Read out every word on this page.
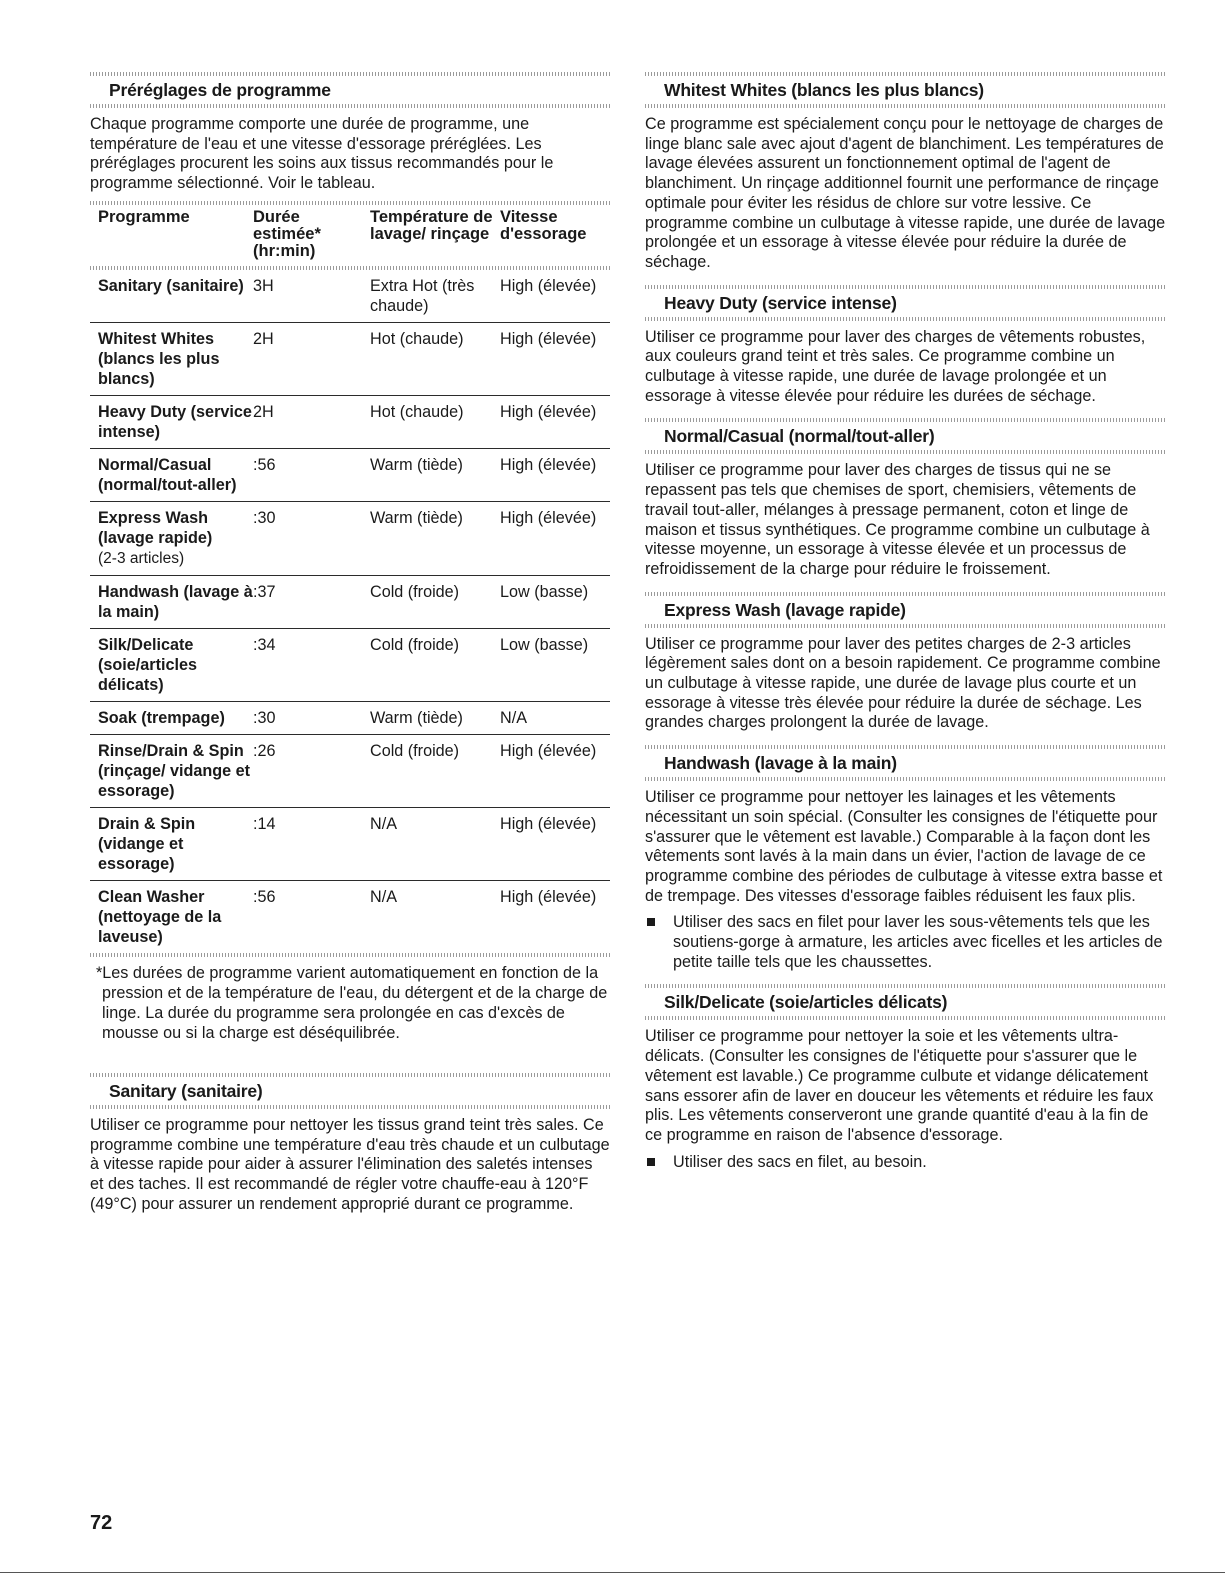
Préréglages de programme

Chaque programme comporte une durée de programme, une température de l'eau et une vitesse d'essorage préréglées. Les préréglages procurent les soins aux tissus recommandés pour le programme sélectionné. Voir le tableau.

Programme	Durée estimée* (hr:min)	Température de lavage/ rinçage	Vitesse d'essorage

Sanitary (sanitaire)	3H	Extra Hot (très chaude)	High (élevée)

Whitest Whites (blancs les plus blancs)	2H	Hot (chaude)	High (élevée)

Heavy Duty (service intense)	2H	Hot (chaude)	High (élevée)

Normal/Casual (normal/tout-aller)	:56	Warm (tiède)	High (élevée)

Express Wash (lavage rapide)
(2-3 articles)	:30	Warm (tiède)	High (élevée)

Handwash (lavage à la main)	:37	Cold (froide)	Low (basse)

Silk/Delicate (soie/articles délicats)	:34	Cold (froide)	Low (basse)

Soak (trempage)	:30	Warm (tiède)	N/A

Rinse/Drain & Spin (rinçage/ vidange et essorage)	:26	Cold (froide)	High (élevée)

Drain & Spin (vidange et essorage)	:14	N/A	High (élevée)

Clean Washer (nettoyage de la laveuse)	:56	N/A	High (élevée)

*Les durées de programme varient automatiquement en fonction de la pression et de la température de l'eau, du détergent et de la charge de linge. La durée du programme sera prolongée en cas d'excès de mousse ou si la charge est déséquilibrée.

Sanitary (sanitaire)

Utiliser ce programme pour nettoyer les tissus grand teint très sales. Ce programme combine une température d'eau très chaude et un culbutage à vitesse rapide pour aider à assurer l'élimination des saletés intenses et des taches. Il est recommandé de régler votre chauffe-eau à 120°F (49°C) pour assurer un rendement approprié durant ce programme.

Whitest Whites (blancs les plus blancs)

Ce programme est spécialement conçu pour le nettoyage de charges de linge blanc sale avec ajout d'agent de blanchiment. Les températures de lavage élevées assurent un fonctionnement optimal de l'agent de blanchiment. Un rinçage additionnel fournit une performance de rinçage optimale pour éviter les résidus de chlore sur votre lessive. Ce programme combine un culbutage à vitesse rapide, une durée de lavage prolongée et un essorage à vitesse élevée pour réduire la durée de séchage.

Heavy Duty (service intense)

Utiliser ce programme pour laver des charges de vêtements robustes, aux couleurs grand teint et très sales. Ce programme combine un culbutage à vitesse rapide, une durée de lavage prolongée et un essorage à vitesse élevée pour réduire les durées de séchage.

Normal/Casual (normal/tout-aller)

Utiliser ce programme pour laver des charges de tissus qui ne se repassent pas tels que chemises de sport, chemisiers, vêtements de travail tout-aller, mélanges à pressage permanent, coton et linge de maison et tissus synthétiques. Ce programme combine un culbutage à vitesse moyenne, un essorage à vitesse élevée et un processus de refroidissement de la charge pour réduire le froissement.

Express Wash (lavage rapide)

Utiliser ce programme pour laver des petites charges de 2-3 articles légèrement sales dont on a besoin rapidement. Ce programme combine un culbutage à vitesse rapide, une durée de lavage plus courte et un essorage à vitesse très élevée pour réduire la durée de séchage. Les grandes charges prolongent la durée de lavage.

Handwash (lavage à la main)

Utiliser ce programme pour nettoyer les lainages et les vêtements nécessitant un soin spécial. (Consulter les consignes de l'étiquette pour s'assurer que le vêtement est lavable.) Comparable à la façon dont les vêtements sont lavés à la main dans un évier, l'action de lavage de ce programme combine des périodes de culbutage à vitesse extra basse et de trempage. Des vitesses d'essorage faibles réduisent les faux plis.

Utiliser des sacs en filet pour laver les sous-vêtements tels que les soutiens-gorge à armature, les articles avec ficelles et les articles de petite taille tels que les chaussettes.
Silk/Delicate (soie/articles délicats)

Utiliser ce programme pour nettoyer la soie et les vêtements ultra-délicats. (Consulter les consignes de l'étiquette pour s'assurer que le vêtement est lavable.) Ce programme culbute et vidange délicatement sans essorer afin de laver en douceur les vêtements et réduire les faux plis. Les vêtements conserveront une grande quantité d'eau à la fin de ce programme en raison de l'absence d'essorage.

Utiliser des sacs en filet, au besoin.
72
